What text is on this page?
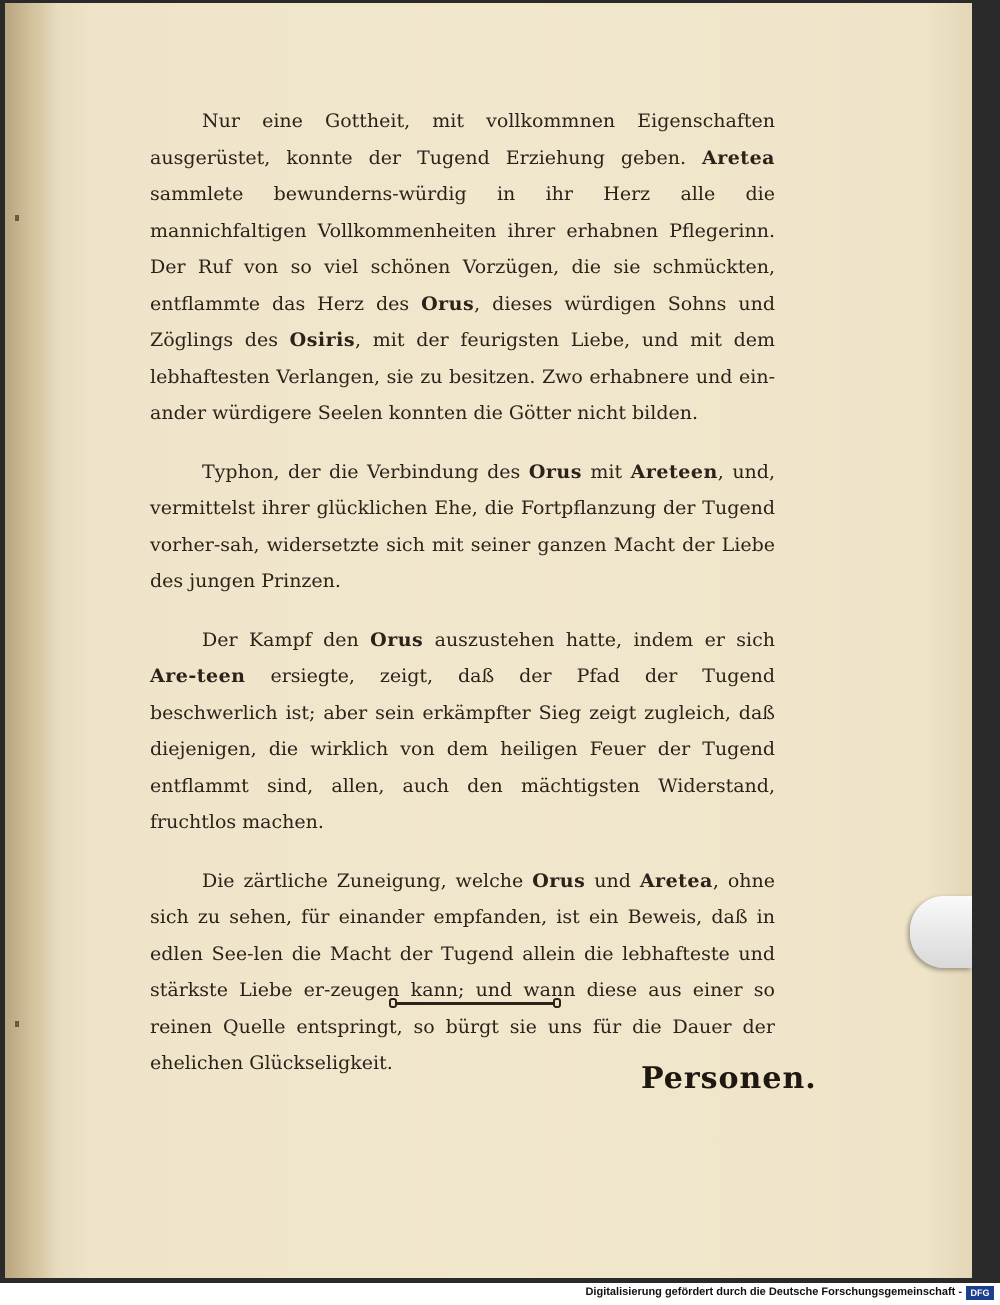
Nur eine Gottheit, mit vollkommnen Eigenschaften ausgerüstet, konnte der Tugend Erziehung geben. Aretea sammlete bewunderns-würdig in ihr Herz alle die mannichfaltigen Vollkommenheiten ihrer erhabnen Pflegerinn. Der Ruf von so viel schönen Vorzügen, die sie schmückten, entflammte das Herz des Orus, dieses würdigen Sohns und Zöglings des Osiris, mit der feurigsten Liebe, und mit dem lebhaftesten Verlangen, sie zu besitzen. Zwo erhabnere und ein-ander würdigere Seelen konnten die Götter nicht bilden.

Typhon, der die Verbindung des Orus mit Areteen, und, vermittelst ihrer glücklichen Ehe, die Fortpflanzung der Tugend vorher-sah, widersetzte sich mit seiner ganzen Macht der Liebe des jungen Prinzen.

Der Kampf den Orus auszustehen hatte, indem er sich Are-teen ersiegte, zeigt, daß der Pfad der Tugend beschwerlich ist; aber sein erkämpfter Sieg zeigt zugleich, daß diejenigen, die wirklich von dem heiligen Feuer der Tugend entflammt sind, allen, auch den mächtigsten Widerstand, fruchtlos machen.

Die zärtliche Zuneigung, welche Orus und Aretea, ohne sich zu sehen, für einander empfanden, ist ein Beweis, daß in edlen See-len die Macht der Tugend allein die lebhafteste und stärkste Liebe er-zeugen kann; und wann diese aus einer so reinen Quelle entspringt, so bürgt sie uns für die Dauer der ehelichen Glückseligkeit.	Personen.
Digitalisierung gefördert durch die Deutsche Forschungsgemeinschaft - DFG
